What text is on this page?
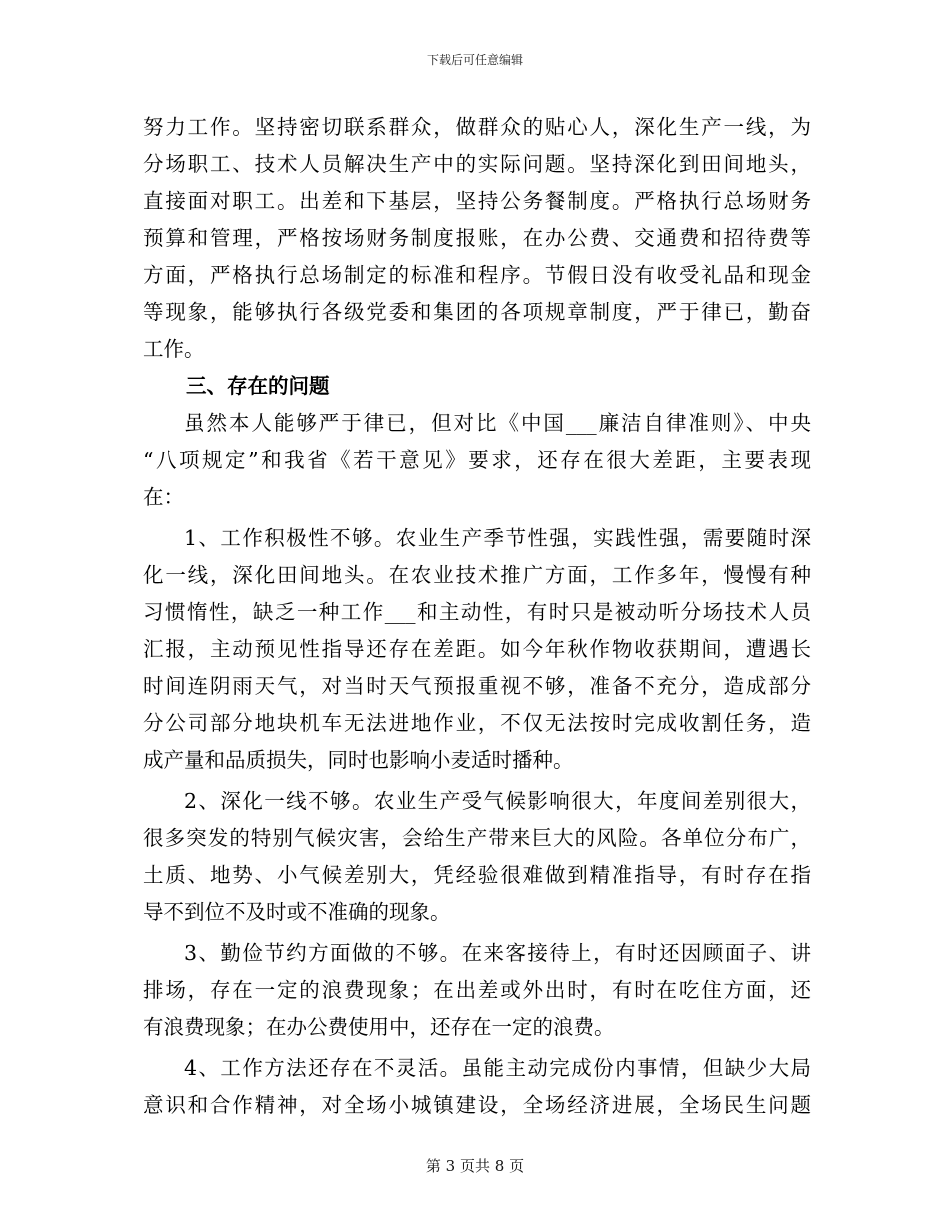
下载后可任意编辑
努力工作。坚持密切联系群众，做群众的贴心人，深化生产一线，为
分场职工、技术人员解决生产中的实际问题。坚持深化到田间地头，
直接面对职工。出差和下基层，坚持公务餐制度。严格执行总场财务
预算和管理，严格按场财务制度报账，在办公费、交通费和招待费等
方面，严格执行总场制定的标准和程序。节假日没有收受礼品和现金
等现象，能够执行各级党委和集团的各项规章制度，严于律已，勤奋
工作。
三、存在的问题
虽然本人能够严于律已，但对比《中国___廉洁自律准则》、中央
“八项规定”和我省《若干意见》要求，还存在很大差距，主要表现
在：
1、工作积极性不够。农业生产季节性强，实践性强，需要随时深
化一线，深化田间地头。在农业技术推广方面，工作多年，慢慢有种
习惯惰性，缺乏一种工作___和主动性，有时只是被动听分场技术人员
汇报，主动预见性指导还存在差距。如今年秋作物收获期间，遭遇长
时间连阴雨天气，对当时天气预报重视不够，准备不充分，造成部分
分公司部分地块机车无法进地作业，不仅无法按时完成收割任务，造
成产量和品质损失，同时也影响小麦适时播种。
2、深化一线不够。农业生产受气候影响很大，年度间差别很大，
很多突发的特别气候灾害，会给生产带来巨大的风险。各单位分布广，
土质、地势、小气候差别大，凭经验很难做到精准指导，有时存在指
导不到位不及时或不准确的现象。
3、勤俭节约方面做的不够。在来客接待上，有时还因顾面子、讲
排场，存在一定的浪费现象；在出差或外出时，有时在吃住方面，还
有浪费现象；在办公费使用中，还存在一定的浪费。
4、工作方法还存在不灵活。虽能主动完成份内事情，但缺少大局
意识和合作精神，对全场小城镇建设，全场经济进展，全场民生问题
第 3 页共 8 页
